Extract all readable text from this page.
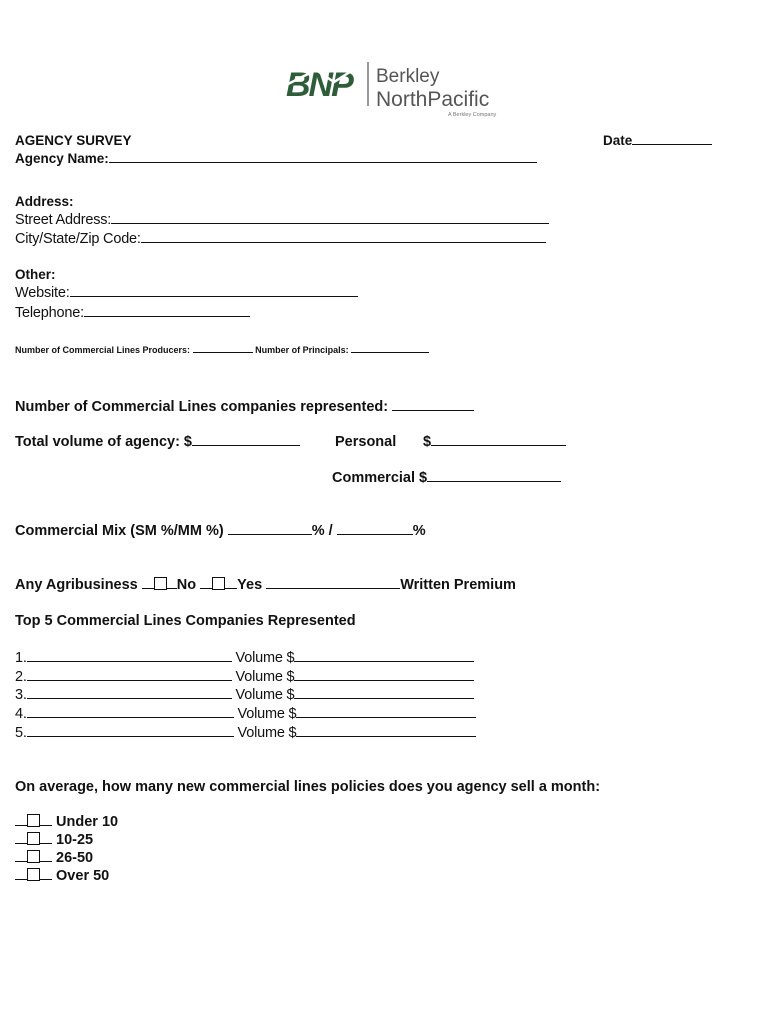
BNP Berkley
NorthPacific
A Berkley Company
AGENCY SURVEY	Date
Agency Name:
Address:
Street Address:
City/State/Zip Code:
Other:
Website:
Telephone:
Number of Commercial Lines Producers:	Number of Principals:
Number of Commercial Lines companies represented:
Total volume of agency: $	Personal $
Commercial $
Commercial Mix (SM %/MM %)	% /	%
Any Agribusiness	No	Yes	Written Premium
Top 5 Commercial Lines Companies Represented
1.	Volume $
2.	Volume $
3.	Volume $
4.	Volume $
5.	Volume $
On average, how many new commercial lines policies does you agency sell a month:
Under 10
10-25
26-50
Over 50
